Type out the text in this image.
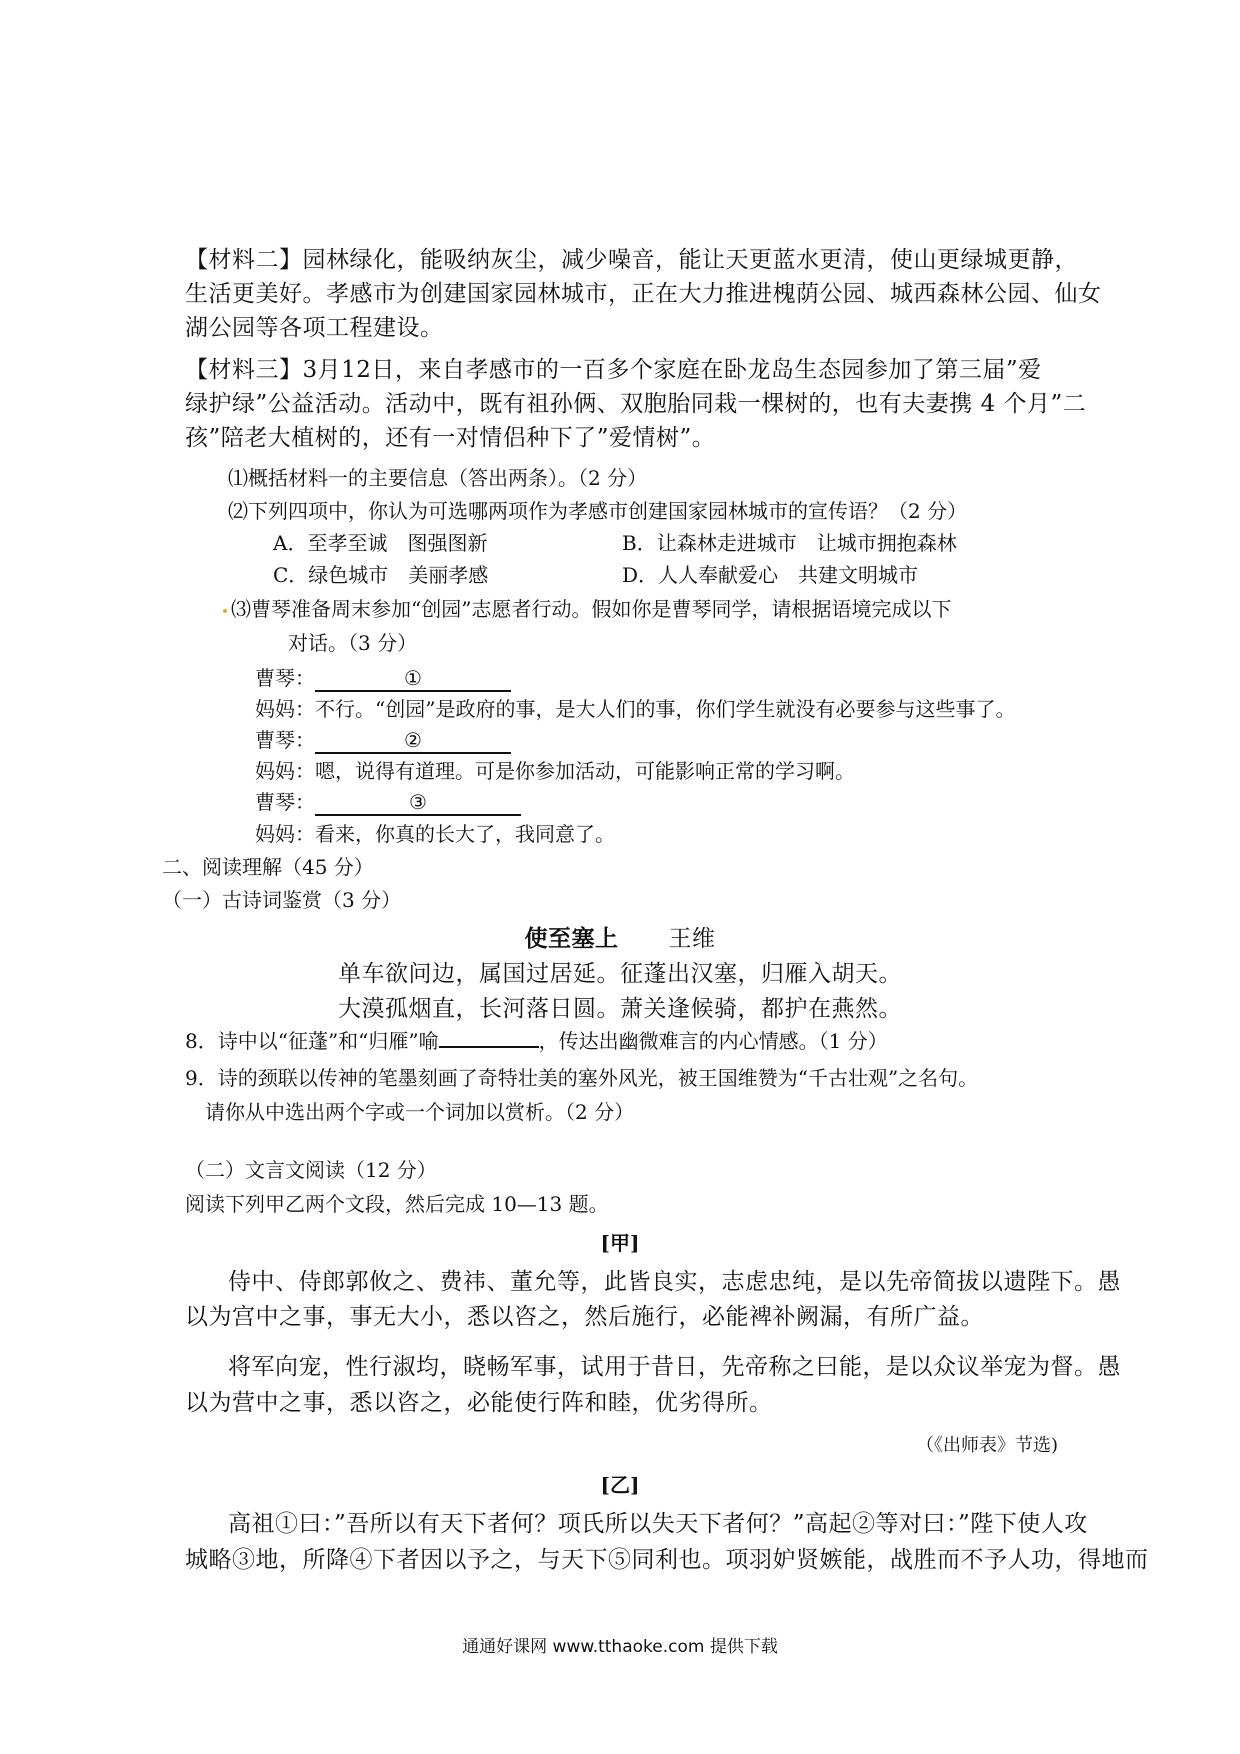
【材料二】园林绿化，能吸纳灰尘，减少噪音，能让天更蓝水更清，使山更绿城更静，
生活更美好。孝感市为创建国家园林城市，正在大力推进槐荫公园、城西森林公园、仙女
湖公园等各项工程建设。
【材料三】3月12日，来自孝感市的一百多个家庭在卧龙岛生态园参加了第三届”爱
绿护绿”公益活动。活动中，既有祖孙俩、双胞胎同栽一棵树的，也有夫妻携 4 个月”二
孩”陪老大植树的，还有一对情侣种下了”爱情树”。
⑴概括材料一的主要信息（答出两条）。（2 分）
⑵下列四项中，你认为可选哪两项作为孝感市创建国家园林城市的宣传语？（2 分）
A．至孝至诚　图强图新	B．让森林走进城市　让城市拥抱森林
C．绿色城市　美丽孝感	D．人人奉献爱心　共建文明城市
⑶曹琴准备周末参加“创园”志愿者行动。假如你是曹琴同学，请根据语境完成以下
对话。（3 分）
曹琴：	①
妈妈：不行。“创园”是政府的事，是大人们的事，你们学生就没有必要参与这些事了。
曹琴：	②
妈妈：嗯，说得有道理。可是你参加活动，可能影响正常的学习啊。
曹琴：	③
妈妈：看来，你真的长大了，我同意了。
二、阅读理解（45 分）
（一）古诗词鉴赏（3 分）
使至塞上 王维
单车欲问边，属国过居延。征蓬出汉塞，归雁入胡天。
大漠孤烟直，长河落日圆。萧关逢候骑，都护在燕然。
8．诗中以“征蓬”和“归雁”喻	，传达出幽微难言的内心情感。（1 分）
9．诗的颈联以传神的笔墨刻画了奇特壮美的塞外风光，被王国维赞为“千古壮观”之名句。
请你从中选出两个字或一个词加以赏析。（2 分）
（二）文言文阅读（12 分）
阅读下列甲乙两个文段，然后完成 10—13 题。
[甲]
侍中、侍郎郭攸之、费祎、董允等，此皆良实，志虑忠纯，是以先帝简拔以遗陛下。愚
以为宫中之事，事无大小，悉以咨之，然后施行，必能裨补阙漏，有所广益。
将军向宠，性行淑均，晓畅军事，试用于昔日，先帝称之曰能，是以众议举宠为督。愚
以为营中之事，悉以咨之，必能使行阵和睦，优劣得所。
（《出师表》节选)
[乙]
高祖①曰：”吾所以有天下者何？项氏所以失天下者何？”高起②等对曰：”陛下使人攻
城略③地，所降④下者因以予之，与天下⑤同利也。项羽妒贤嫉能，战胜而不予人功，得地而
通通好课网 www.tthaoke.com 提供下载
